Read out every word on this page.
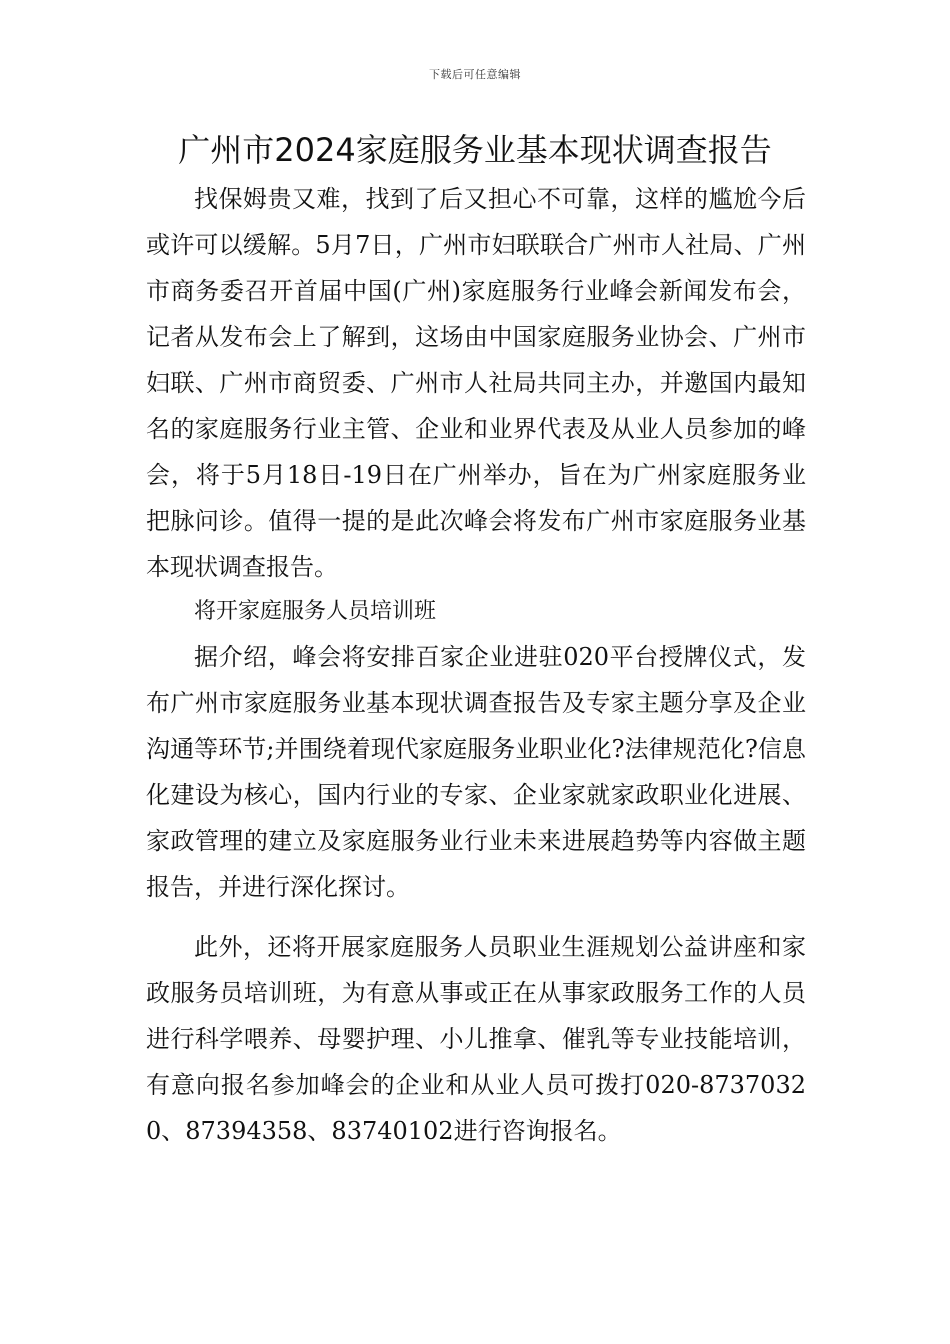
下载后可任意编辑
广州市2024家庭服务业基本现状调查报告

找保姆贵又难，找到了后又担心不可靠，这样的尴尬今后或许可以缓解。5月7日，广州市妇联联合广州市人社局、广州市商务委召开首届中国(广州)家庭服务行业峰会新闻发布会，记者从发布会上了解到，这场由中国家庭服务业协会、广州市妇联、广州市商贸委、广州市人社局共同主办，并邀国内最知名的家庭服务行业主管、企业和业界代表及从业人员参加的峰会，将于5月18日-19日在广州举办，旨在为广州家庭服务业把脉问诊。值得一提的是此次峰会将发布广州市家庭服务业基本现状调查报告。

将开家庭服务人员培训班

据介绍，峰会将安排百家企业进驻020平台授牌仪式，发布广州市家庭服务业基本现状调查报告及专家主题分享及企业沟通等环节;并围绕着现代家庭服务业职业化?法律规范化?信息化建设为核心，国内行业的专家、企业家就家政职业化进展、家政管理的建立及家庭服务业行业未来进展趋势等内容做主题报告，并进行深化探讨。

此外，还将开展家庭服务人员职业生涯规划公益讲座和家政服务员培训班，为有意从事或正在从事家政服务工作的人员进行科学喂养、母婴护理、小儿推拿、催乳等专业技能培训，有意向报名参加峰会的企业和从业人员可拨打020-87370320、87394358、83740102进行咨询报名。
